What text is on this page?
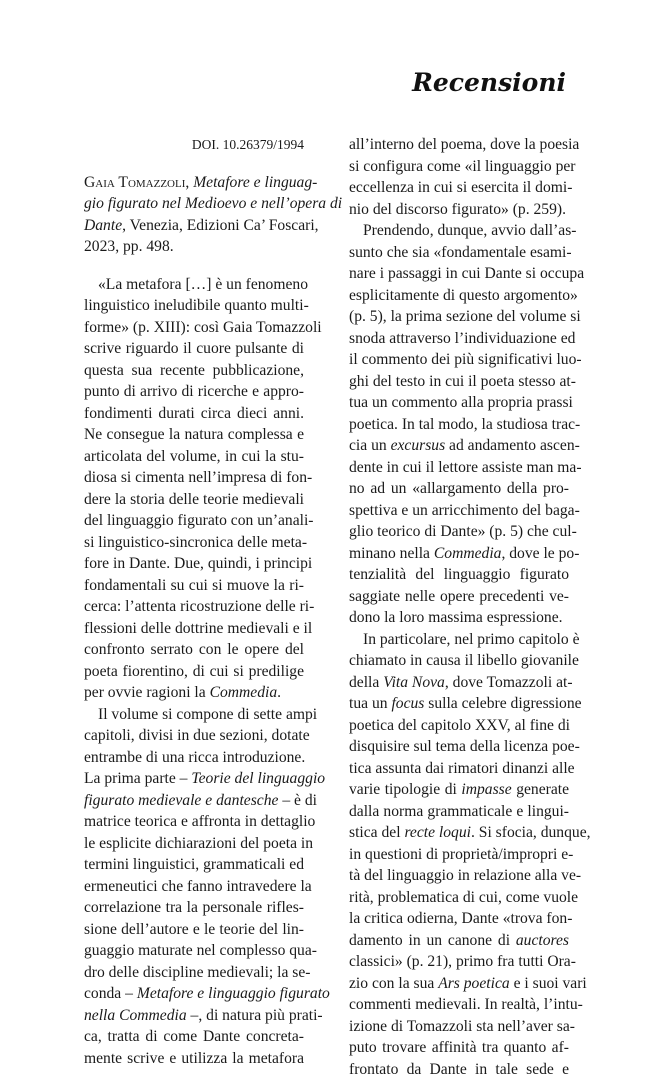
Recensioni
DOI. 10.26379/1994
Gaia Tomazzoli, Metafore e linguag-
gio figurato nel Medioevo e nell’opera di
Dante, Venezia, Edizioni Ca’ Foscari,
2023, pp. 498.
«La metafora […] è un fenomeno
linguistico ineludibile quanto multi-
forme» (p. XIII): così Gaia Tomazzoli
scrive riguardo il cuore pulsante di
questa sua recente pubblicazione,
punto di arrivo di ricerche e appro-
fondimenti durati circa dieci anni.
Ne consegue la natura complessa e
articolata del volume, in cui la stu-
diosa si cimenta nell’impresa di fon-
dere la storia delle teorie medievali
del linguaggio figurato con un’anali-
si linguistico-sincronica delle meta-
fore in Dante. Due, quindi, i principi
fondamentali su cui si muove la ri-
cerca: l’attenta ricostruzione delle ri-
flessioni delle dottrine medievali e il
confronto serrato con le opere del
poeta fiorentino, di cui si predilige
per ovvie ragioni la Commedia.
Il volume si compone di sette ampi
capitoli, divisi in due sezioni, dotate
entrambe di una ricca introduzione.
La prima parte – Teorie del linguaggio
figurato medievale e dantesche – è di
matrice teorica e affronta in dettaglio
le esplicite dichiarazioni del poeta in
termini linguistici, grammaticali ed
ermeneutici che fanno intravedere la
correlazione tra la personale rifles-
sione dell’autore e le teorie del lin-
guaggio maturate nel complesso qua-
dro delle discipline medievali; la se-
conda – Metafore e linguaggio figurato
nella Commedia –, di natura più prati-
ca, tratta di come Dante concreta-
mente scrive e utilizza la metafora
all’interno del poema, dove la poesia
si configura come «il linguaggio per
eccellenza in cui si esercita il domi-
nio del discorso figurato» (p. 259).
Prendendo, dunque, avvio dall’as-
sunto che sia «fondamentale esami-
nare i passaggi in cui Dante si occupa
esplicitamente di questo argomento»
(p. 5), la prima sezione del volume si
snoda attraverso l’individuazione ed
il commento dei più significativi luo-
ghi del testo in cui il poeta stesso at-
tua un commento alla propria prassi
poetica. In tal modo, la studiosa trac-
cia un excursus ad andamento ascen-
dente in cui il lettore assiste man ma-
no ad un «allargamento della pro-
spettiva e un arricchimento del baga-
glio teorico di Dante» (p. 5) che cul-
minano nella Commedia, dove le po-
tenzialità del linguaggio figurato
saggiate nelle opere precedenti ve-
dono la loro massima espressione.
In particolare, nel primo capitolo è
chiamato in causa il libello giovanile
della Vita Nova, dove Tomazzoli at-
tua un focus sulla celebre digressione
poetica del capitolo XXV, al fine di
disquisire sul tema della licenza poe-
tica assunta dai rimatori dinanzi alle
varie tipologie di impasse generate
dalla norma grammaticale e lingui-
stica del recte loqui. Si sfocia, dunque,
in questioni di proprietà/impropri e-
tà del linguaggio in relazione alla ve-
rità, problematica di cui, come vuole
la critica odierna, Dante «trova fon-
damento in un canone di auctores
classici» (p. 21), primo fra tutti Ora-
zio con la sua Ars poetica e i suoi vari
commenti medievali. In realtà, l’intu-
izione di Tomazzoli sta nell’aver sa-
puto trovare affinità tra quanto af-
frontato da Dante in tale sede e
